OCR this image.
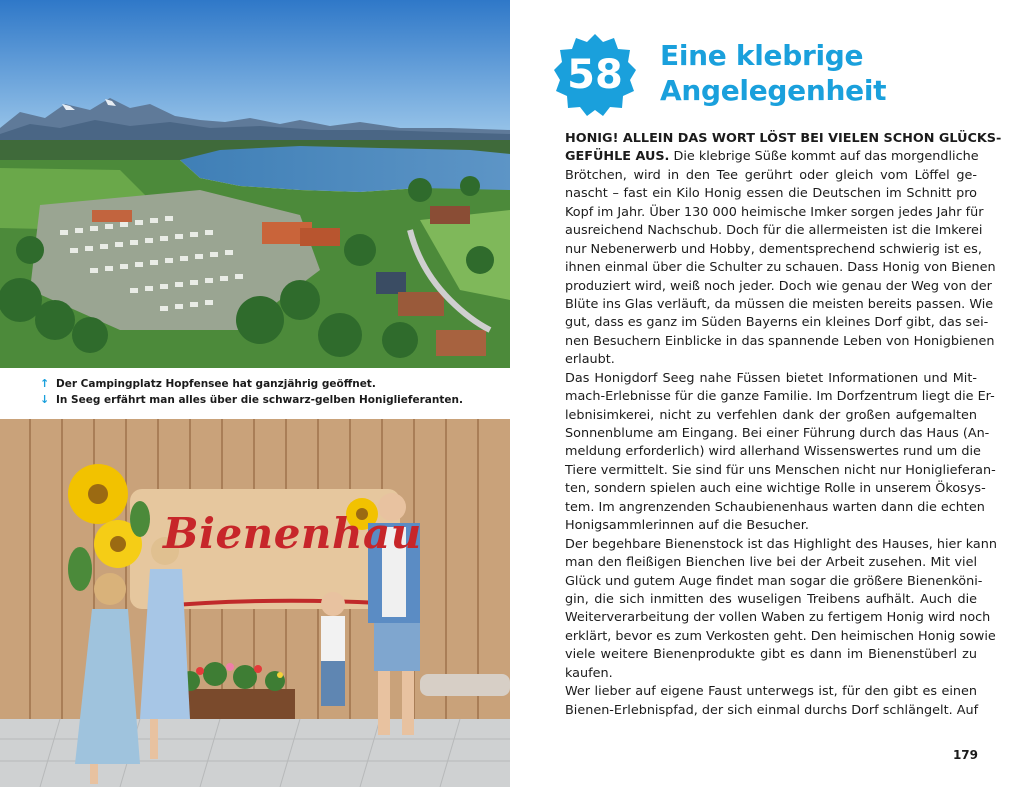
↑ Der Campingplatz Hopfensee hat ganzjährig geöffnet.
↓ In Seeg erfährt man alles über die schwarz-gelben Honiglieferanten.
Bienenhau
58	Eine klebrige
Angelegenheit
HONIG! ALLEIN DAS WORT LÖST BEI VIELEN SCHON GLÜCKS-
GEFÜHLE AUS. Die klebrige Süße kommt auf das morgendliche
Brötchen, wird in den Tee gerührt oder gleich vom Löffel ge-
nascht – fast ein Kilo Honig essen die Deutschen im Schnitt pro
Kopf im Jahr. Über 130 000 heimische Imker sorgen jedes Jahr für
ausreichend Nachschub. Doch für die allermeisten ist die Imkerei
nur Nebenerwerb und Hobby, dementsprechend schwierig ist es,
ihnen einmal über die Schulter zu schauen. Dass Honig von Bienen
produziert wird, weiß noch jeder. Doch wie genau der Weg von der
Blüte ins Glas verläuft, da müssen die meisten bereits passen. Wie
gut, dass es ganz im Süden Bayerns ein kleines Dorf gibt, das sei-
nen Besuchern Einblicke in das spannende Leben von Honigbienen
erlaubt.
Das Honigdorf Seeg nahe Füssen bietet Informationen und Mit-
mach-Erlebnisse für die ganze Familie. Im Dorfzentrum liegt die Er-
lebnisimkerei, nicht zu verfehlen dank der großen aufgemalten
Sonnenblume am Eingang. Bei einer Führung durch das Haus (An-
meldung erforderlich) wird allerhand Wissenswertes rund um die
Tiere vermittelt. Sie sind für uns Menschen nicht nur Honiglieferan-
ten, sondern spielen auch eine wichtige Rolle in unserem Ökosys-
tem. Im angrenzenden Schaubienenhaus warten dann die echten
Honigsammlerinnen auf die Besucher.
Der begehbare Bienenstock ist das Highlight des Hauses, hier kann
man den fleißigen Bienchen live bei der Arbeit zusehen. Mit viel
Glück und gutem Auge findet man sogar die größere Bienenköni-
gin, die sich inmitten des wuseligen Treibens aufhält. Auch die
Weiterverarbeitung der vollen Waben zu fertigem Honig wird noch
erklärt, bevor es zum Verkosten geht. Den heimischen Honig sowie
viele weitere Bienenprodukte gibt es dann im Bienenstüberl zu
kaufen.
Wer lieber auf eigene Faust unterwegs ist, für den gibt es einen
Bienen-Erlebnispfad, der sich einmal durchs Dorf schlängelt. Auf
179
